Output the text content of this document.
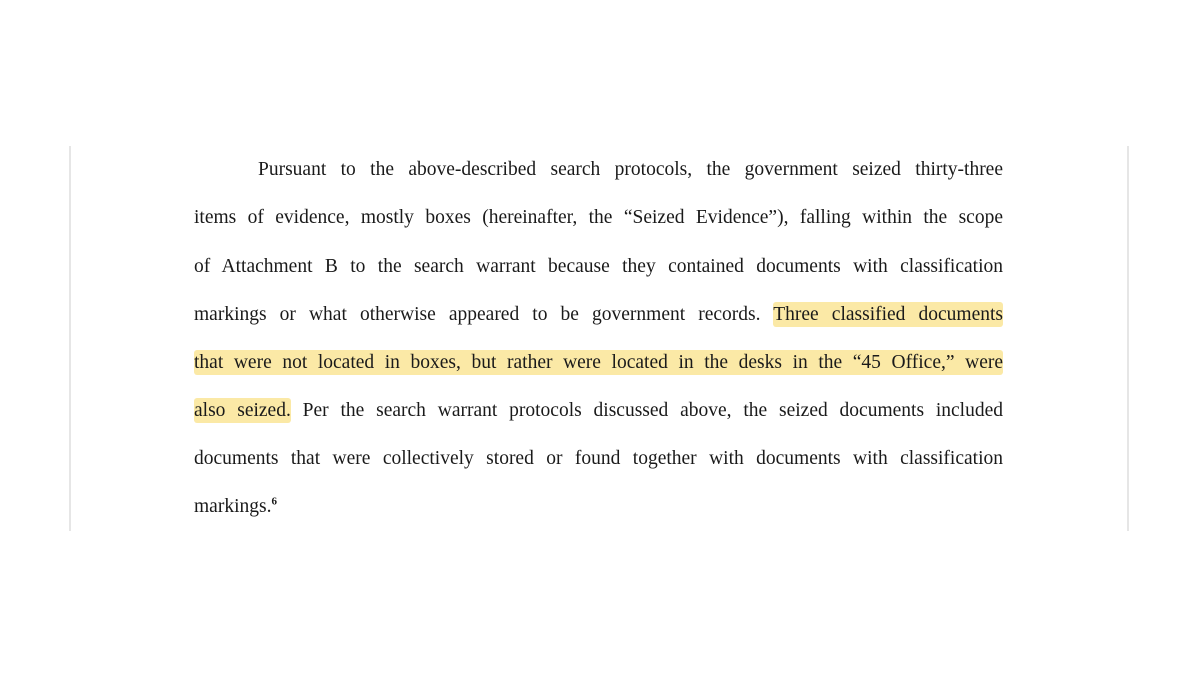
Pursuant to the above-described search protocols, the government seized thirty-three
items of evidence, mostly boxes (hereinafter, the “Seized Evidence”), falling within the scope
of Attachment B to the search warrant because they contained documents with classification
markings or what otherwise appeared to be government records. Three classified documents
that were not located in boxes, but rather were located in the desks in the “45 Office,” were
also seized. Per the search warrant protocols discussed above, the seized documents included
documents that were collectively stored or found together with documents with classification
markings.$^6$
